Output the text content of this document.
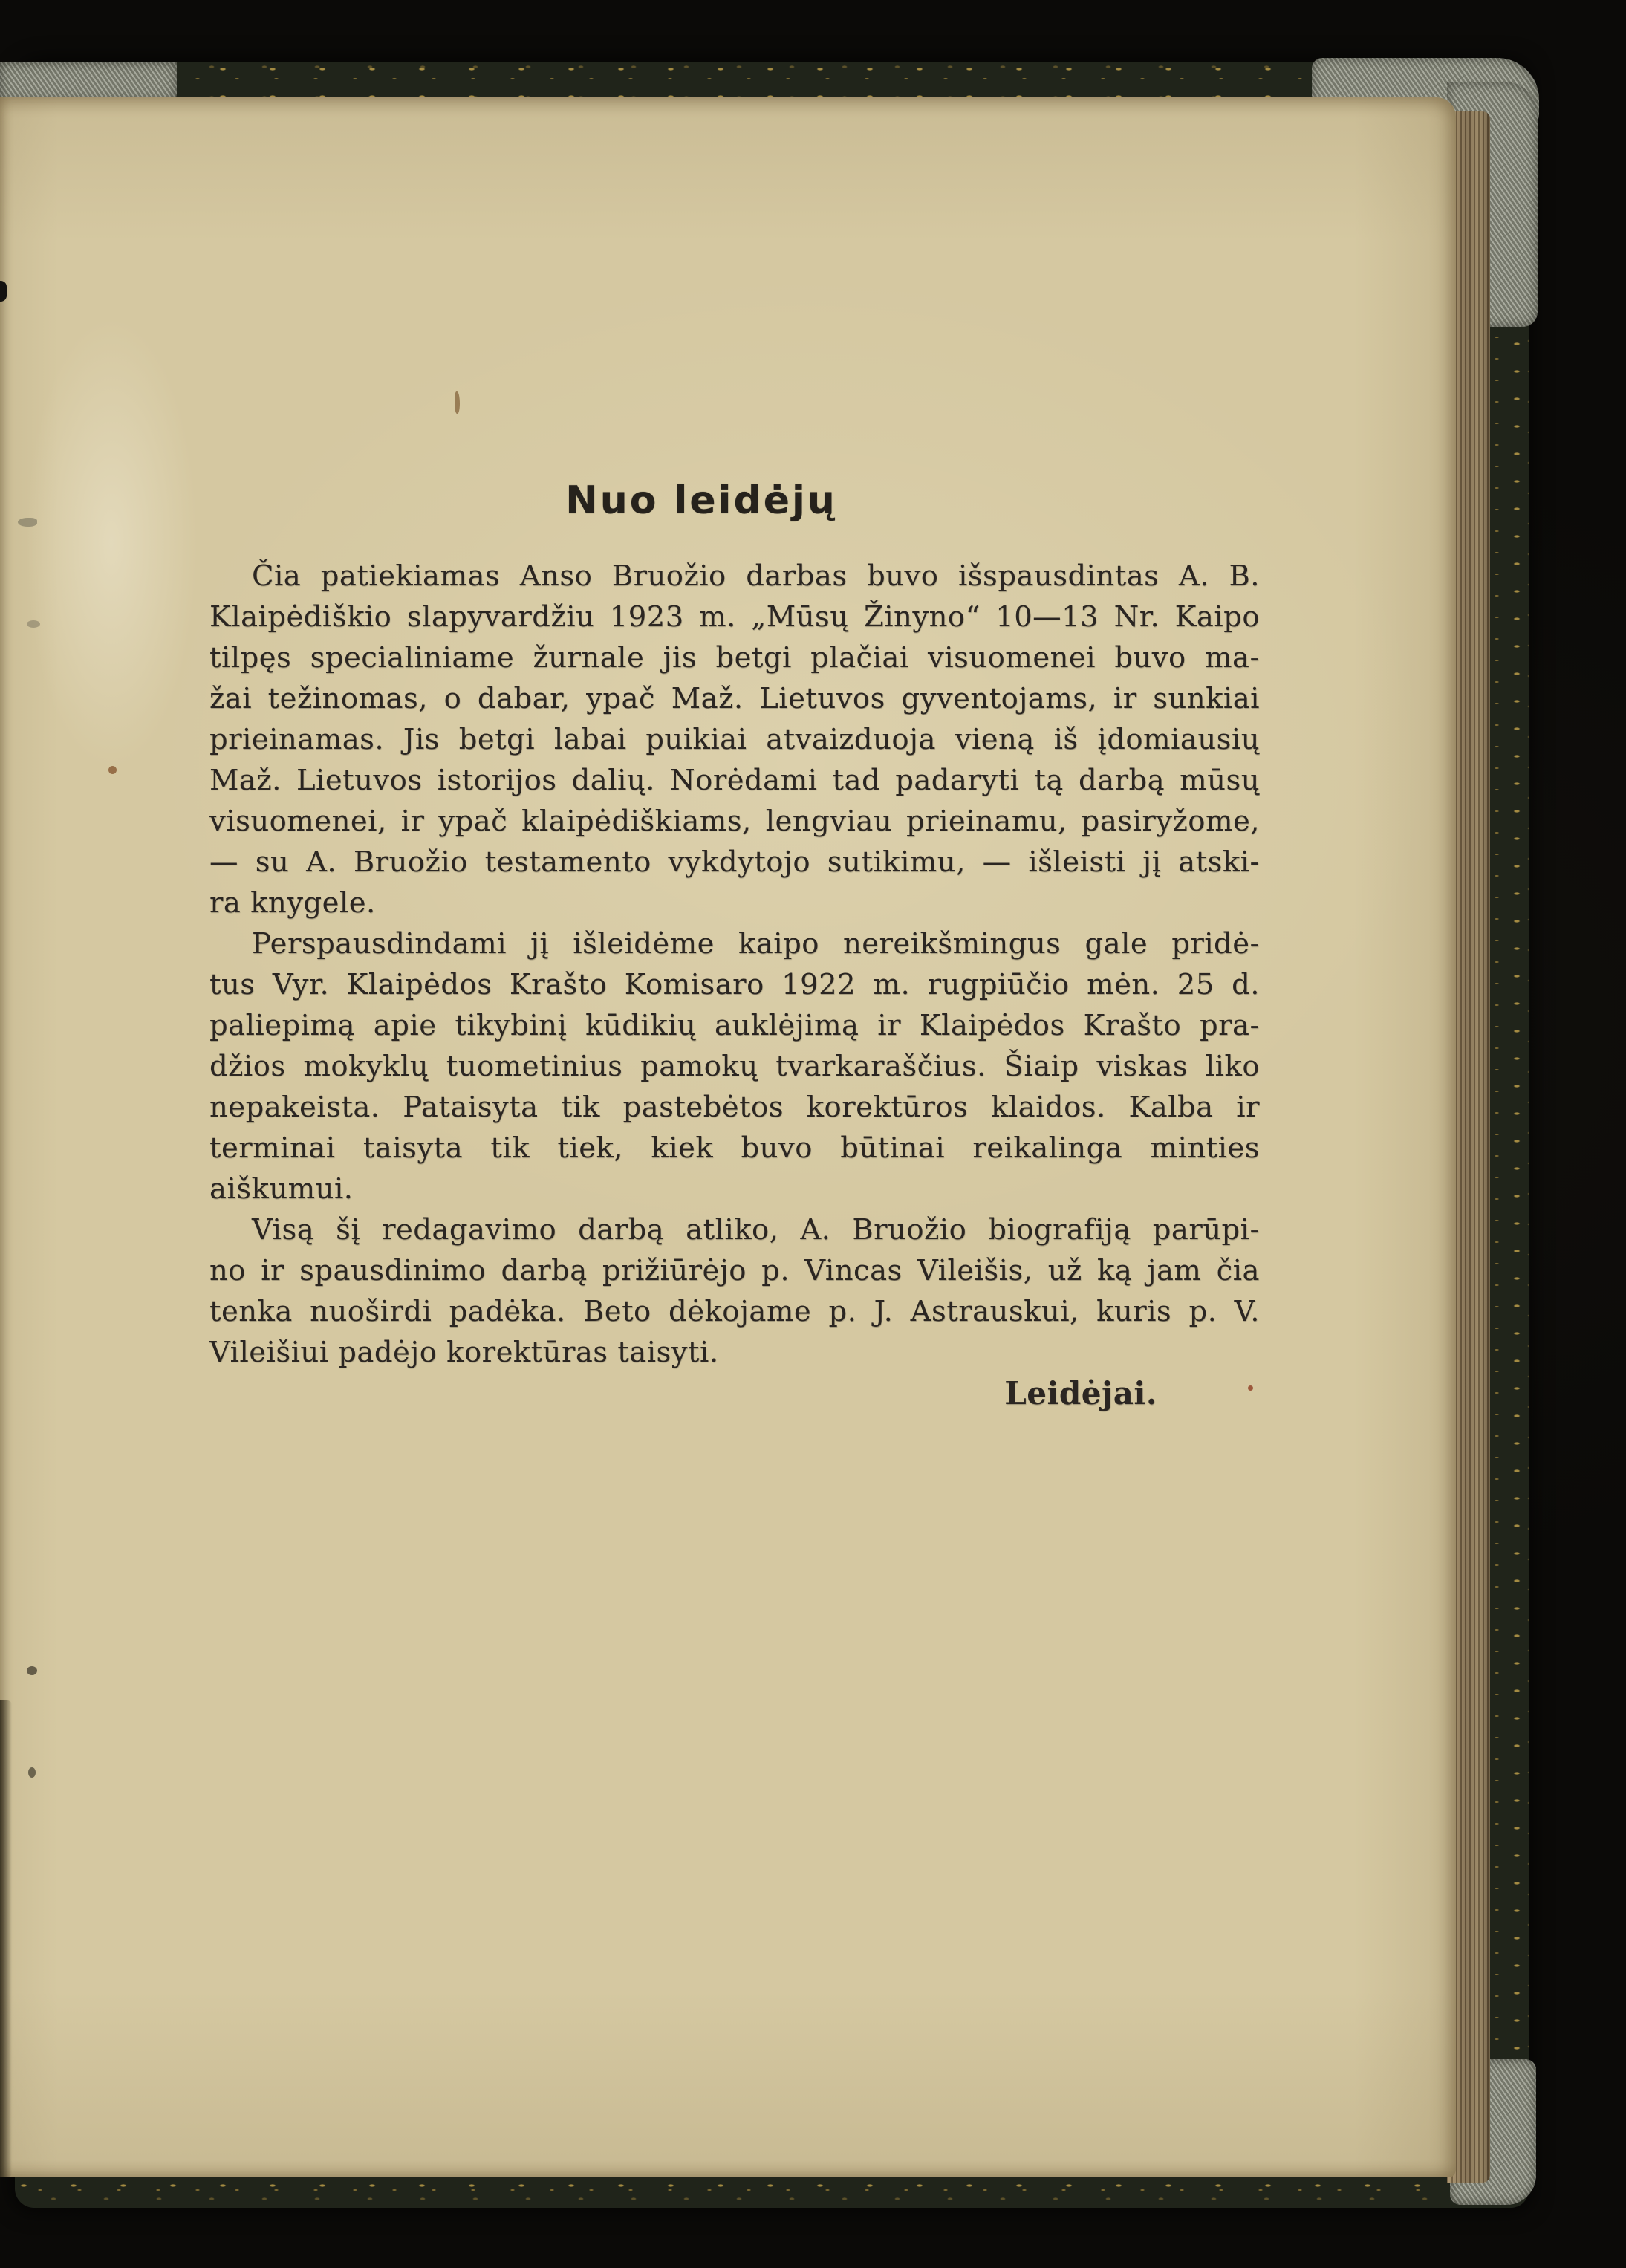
Nuo leidėjų
Čia patiekiamas Anso Bruožio darbas buvo išspausdintas A. B.
Klaipėdiškio slapyvardžiu 1923 m. „Mūsų Žinyno“ 10—13 Nr. Kaipo
tilpęs specialiniame žurnale jis betgi plačiai visuomenei buvo ma-
žai težinomas, o dabar, ypač Maž. Lietuvos gyventojams, ir sunkiai
prieinamas. Jis betgi labai puikiai atvaizduoja vieną iš įdomiausių
Maž. Lietuvos istorijos dalių. Norėdami tad padaryti tą darbą mūsų
visuomenei, ir ypač klaipėdiškiams, lengviau prieinamu, pasiryžome,
— su A. Bruožio testamento vykdytojo sutikimu, — išleisti jį atski-
ra knygele.
Perspausdindami jį išleidėme kaipo nereikšmingus gale pridė-
tus Vyr. Klaipėdos Krašto Komisaro 1922 m. rugpiūčio mėn. 25 d.
paliepimą apie tikybinį kūdikių auklėjimą ir Klaipėdos Krašto pra-
džios mokyklų tuometinius pamokų tvarkaraščius. Šiaip viskas liko
nepakeista. Pataisyta tik pastebėtos korektūros klaidos. Kalba ir
terminai taisyta tik tiek, kiek buvo būtinai reikalinga minties
aiškumui.
Visą šį redagavimo darbą atliko, A. Bruožio biografiją parūpi-
no ir spausdinimo darbą prižiūrėjo p. Vincas Vileišis, už ką jam čia
tenka nuoširdi padėka. Beto dėkojame p. J. Astrauskui, kuris p. V.
Vileišiui padėjo korektūras taisyti.
Leidėjai.
